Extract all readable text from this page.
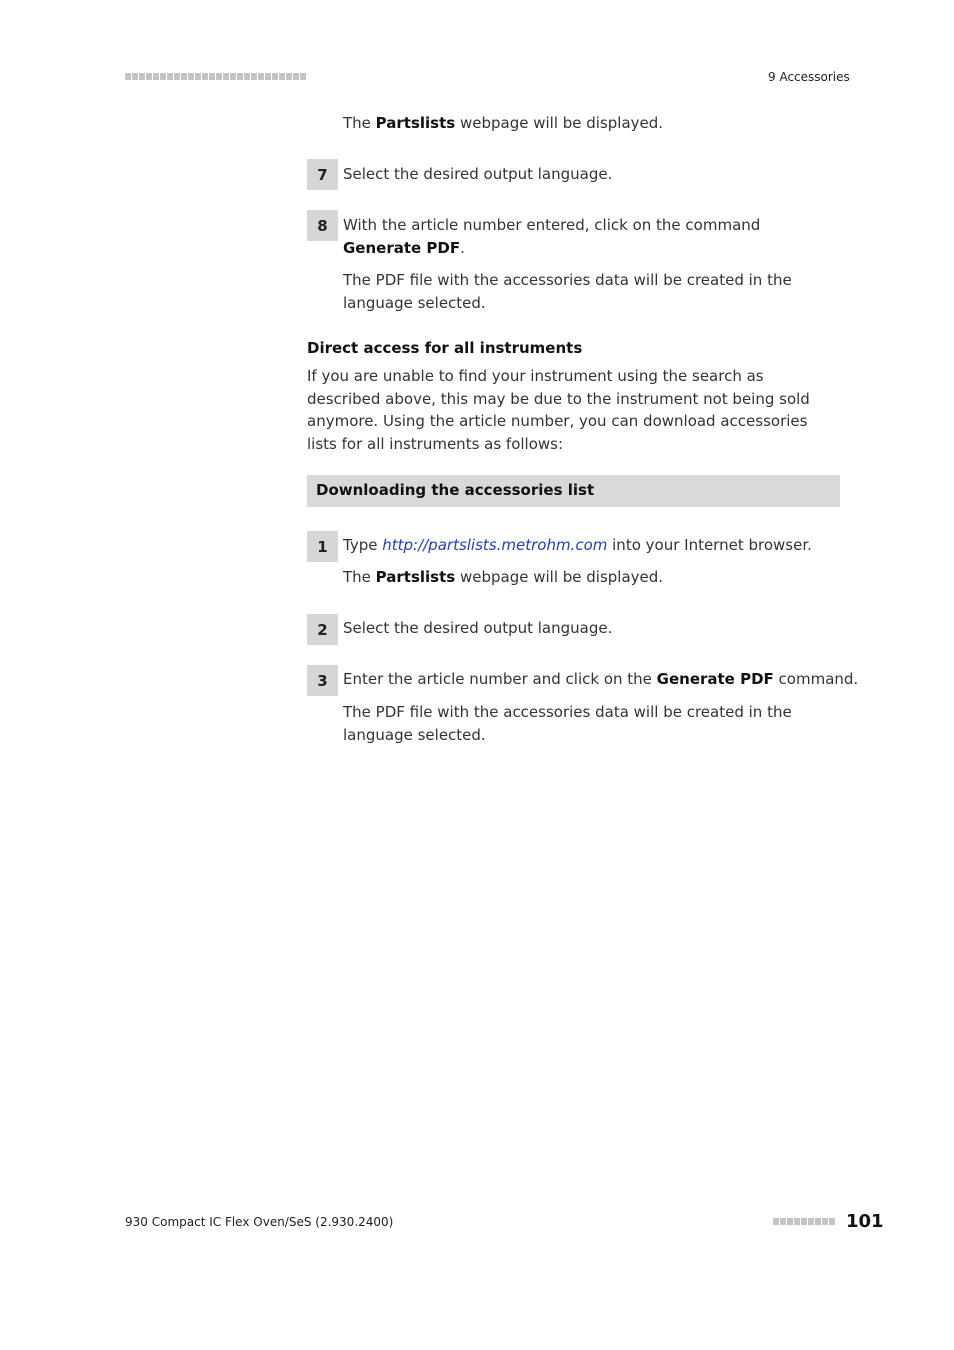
9 Accessories
The Partslists webpage will be displayed.
7	Select the desired output language.
8	With the article number entered, click on the command Generate PDF.
The PDF file with the accessories data will be created in the language selected.
Direct access for all instruments
If you are unable to find your instrument using the search as described above, this may be due to the instrument not being sold anymore. Using the article number, you can download accessories lists for all instruments as follows:
Downloading the accessories list
1	Type http://partslists.metrohm.com into your Internet browser.
The Partslists webpage will be displayed.
2	Select the desired output language.
3	Enter the article number and click on the Generate PDF command.
The PDF file with the accessories data will be created in the language selected.
930 Compact IC Flex Oven/SeS (2.930.2400)	101
